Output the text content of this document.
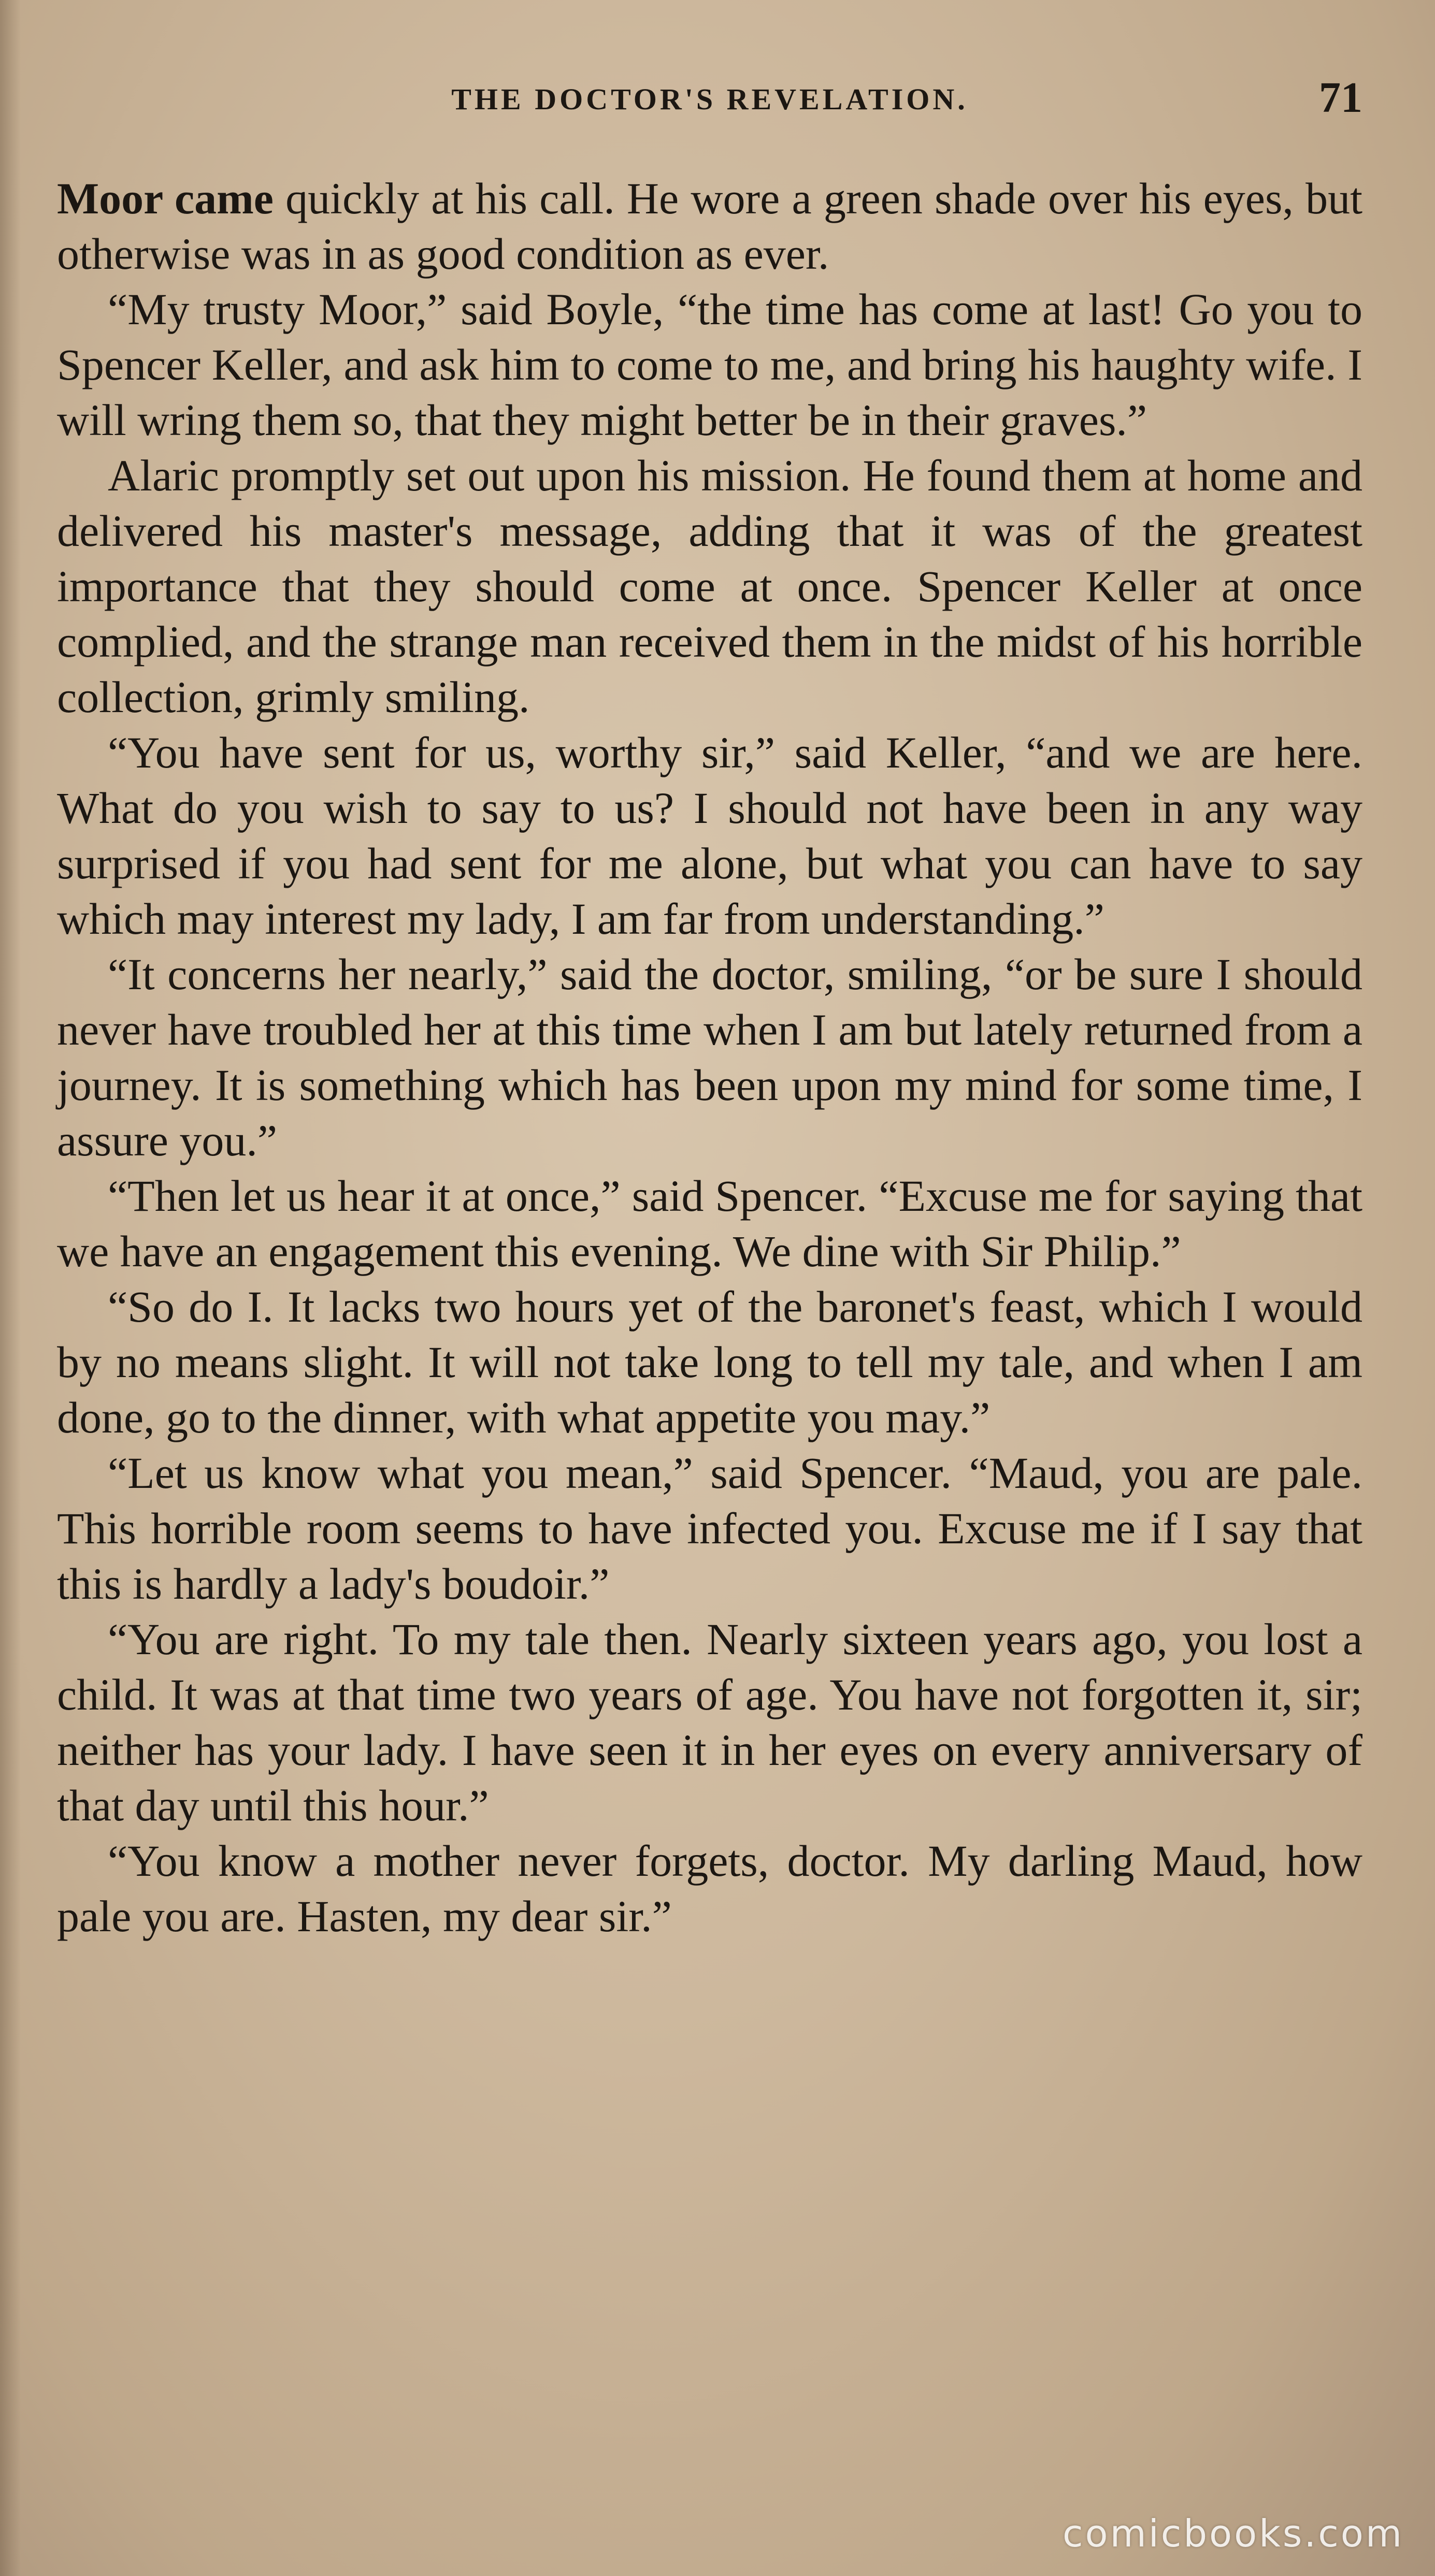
THE DOCTOR'S REVELATION.	71

Moor came quickly at his call. He wore a green shade over his eyes, but otherwise was in as good condition as ever.

“My trusty Moor,” said Boyle, “the time has come at last! Go you to Spencer Keller, and ask him to come to me, and bring his haughty wife. I will wring them so, that they might better be in their graves.”

Alaric promptly set out upon his mission. He found them at home and delivered his master's message, adding that it was of the greatest importance that they should come at once. Spencer Keller at once complied, and the strange man received them in the midst of his horrible collection, grimly smiling.

“You have sent for us, worthy sir,” said Keller, “and we are here. What do you wish to say to us? I should not have been in any way surprised if you had sent for me alone, but what you can have to say which may interest my lady, I am far from understanding.”

“It concerns her nearly,” said the doctor, smiling, “or be sure I should never have troubled her at this time when I am but lately returned from a journey. It is something which has been upon my mind for some time, I assure you.”

“Then let us hear it at once,” said Spencer. “Excuse me for saying that we have an engagement this evening. We dine with Sir Philip.”

“So do I. It lacks two hours yet of the baronet's feast, which I would by no means slight. It will not take long to tell my tale, and when I am done, go to the dinner, with what appetite you may.”

“Let us know what you mean,” said Spencer. “Maud, you are pale. This horrible room seems to have infected you. Excuse me if I say that this is hardly a lady's boudoir.”

“You are right. To my tale then. Nearly sixteen years ago, you lost a child. It was at that time two years of age. You have not forgotten it, sir; neither has your lady. I have seen it in her eyes on every anniversary of that day until this hour.”

“You know a mother never forgets, doctor. My darling Maud, how pale you are. Hasten, my dear sir.”

comicbooks.com
